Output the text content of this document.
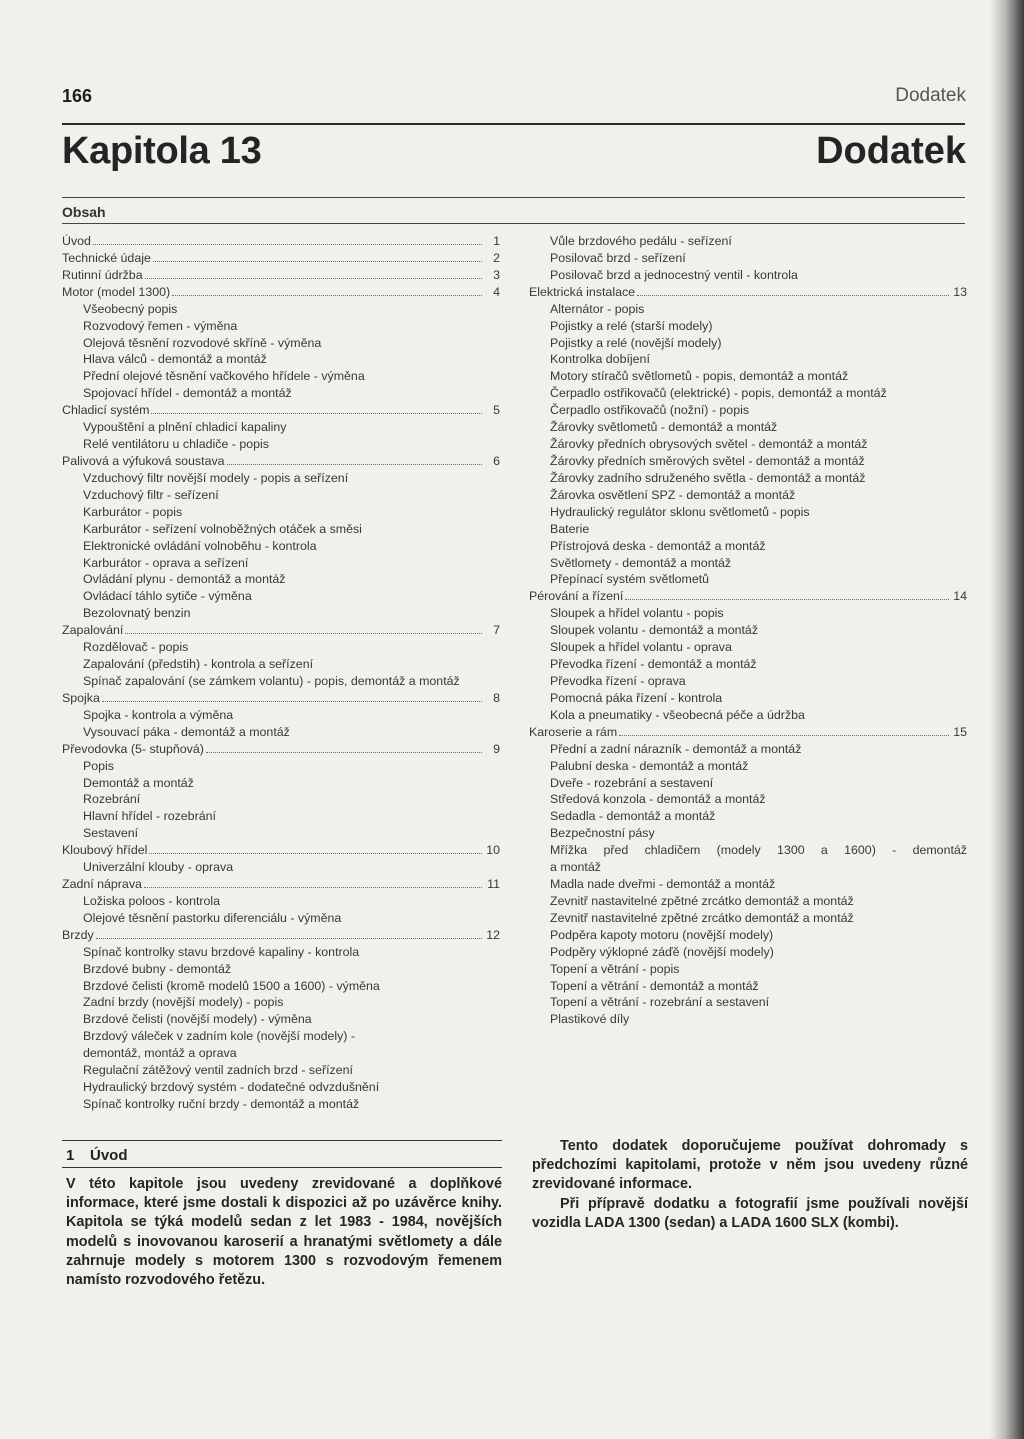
166	Dodatek
Kapitola 13	Dodatek
Obsah
Úvod	1
Technické údaje	2
Rutinní údržba	3
Motor (model 1300)	4
Všeobecný popis
Rozvodový řemen - výměna
Olejová těsnění rozvodové skříně - výměna
Hlava válců - demontáž a montáž
Přední olejové těsnění vačkového hřídele - výměna
Spojovací hřídel - demontáž a montáž
Chladicí systém	5
Vypouštění a plnění chladicí kapaliny
Relé ventilátoru u chladiče - popis
Palivová a výfuková soustava	6
Vzduchový filtr novější modely - popis a seřízení
Vzduchový filtr - seřízení
Karburátor - popis
Karburátor - seřízení volnoběžných otáček a směsi
Elektronické ovládání volnoběhu - kontrola
Karburátor - oprava a seřízení
Ovládání plynu - demontáž a montáž
Ovládací táhlo sytiče - výměna
Bezolovnatý benzin
Zapalování	7
Rozdělovač - popis
Zapalování (předstih) - kontrola a seřízení
Spínač zapalování (se zámkem volantu) - popis, demontáž a montáž
Spojka	8
Spojka - kontrola a výměna
Vysouvací páka - demontáž a montáž
Převodovka (5- stupňová)	9
Popis
Demontáž a montáž
Rozebrání
Hlavní hřídel - rozebrání
Sestavení
Kloubový hřídel	10
Univerzální klouby - oprava
Zadní náprava	11
Ložiska poloos - kontrola
Olejové těsnění pastorku diferenciálu - výměna
Brzdy	12
Spínač kontrolky stavu brzdové kapaliny - kontrola
Brzdové bubny - demontáž
Brzdové čelisti (kromě modelů 1500 a 1600) - výměna
Zadní brzdy (novější modely) - popis
Brzdové čelisti (novější modely) - výměna
Brzdový váleček v zadním kole (novější modely) -
demontáž, montáž a oprava
Regulační zátěžový ventil zadních brzd - seřízení
Hydraulický brzdový systém - dodatečné odvzdušnění
Spínač kontrolky ruční brzdy - demontáž a montáž
Vůle brzdového pedálu - seřízení
Posilovač brzd - seřízení
Posilovač brzd a jednocestný ventil - kontrola
Elektrická instalace	13
Alternátor - popis
Pojistky a relé (starší modely)
Pojistky a relé (novější modely)
Kontrolka dobíjení
Motory stíračů světlometů - popis, demontáž a montáž
Čerpadlo ostřikovačů (elektrické) - popis, demontáž a montáž
Čerpadlo ostřikovačů (nožní) - popis
Žárovky světlometů - demontáž a montáž
Žárovky předních obrysových světel - demontáž a montáž
Žárovky předních směrových světel - demontáž a montáž
Žárovky zadního sdruženého světla - demontáž a montáž
Žárovka osvětlení SPZ - demontáž a montáž
Hydraulický regulátor sklonu světlometů - popis
Baterie
Přístrojová deska - demontáž a montáž
Světlomety - demontáž a montáž
Přepínací systém světlometů
Pérování a řízení	14
Sloupek a hřídel volantu - popis
Sloupek volantu - demontáž a montáž
Sloupek a hřídel volantu - oprava
Převodka řízení - demontáž a montáž
Převodka řízení - oprava
Pomocná páka řízení - kontrola
Kola a pneumatiky - všeobecná péče a údržba
Karoserie a rám	15
Přední a zadní nárazník - demontáž a montáž
Palubní deska - demontáž a montáž
Dveře - rozebrání a sestavení
Středová konzola - demontáž a montáž
Sedadla - demontáž a montáž
Bezpečnostní pásy
Mřížka před chladičem (modely 1300 a 1600) - demontáž
a montáž
Madla nade dveřmi - demontáž a montáž
Zevnitř nastavitelné zpětné zrcátko demontáž a montáž
Zevnitř nastavitelné zpětné zrcátko demontáž a montáž
Podpěra kapoty motoru (novější modely)
Podpěry výklopné záďě (novější modely)
Topení a větrání - popis
Topení a větrání - demontáž a montáž
Topení a větrání - rozebrání a sestavení
Plastikové díly
1 Úvod

V této kapitole jsou uvedeny zrevidované a doplňkové informace, které jsme dostali k dispozici až po uzávěrce knihy. Kapitola se týká modelů sedan z let 1983 - 1984, novějších modelů s inovovanou karoserií a hranatými světlomety a dále zahrnuje modely s motorem 1300 s rozvodovým řemenem namísto rozvodového řetězu.

Tento dodatek doporučujeme používat dohromady s předchozími kapitolami, protože v něm jsou uvedeny různé zrevidované informace.

Při přípravě dodatku a fotografií jsme používali novější vozidla LADA 1300 (sedan) a LADA 1600 SLX (kombi).
